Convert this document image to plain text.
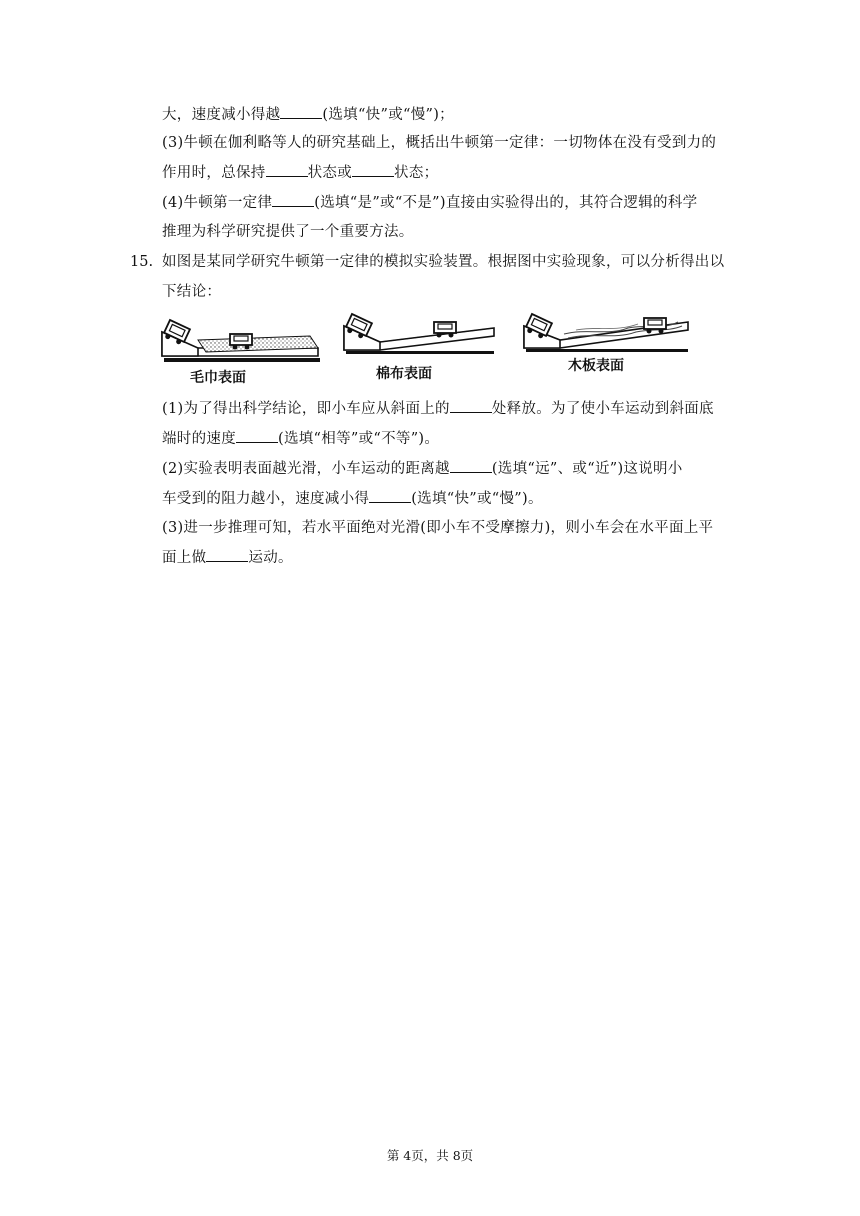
大，速度减小得越	(选填“快”或“慢”)；
(3)牛顿在伽利略等人的研究基础上，概括出牛顿第一定律：一切物体在没有受到力的
作用时，总保持	状态或	状态；
(4)牛顿第一定律	(选填“是”或“不是”)直接由实验得出的，其符合逻辑的科学
推理为科学研究提供了一个重要方法。
15. 如图是某同学研究牛顿第一定律的模拟实验装置。根据图中实验现象，可以分析得出以
下结论：
毛巾表面	棉布表面	木板表面
(1)为了得出科学结论，即小车应从斜面上的	处释放。为了使小车运动到斜面底
端时的速度	(选填“相等”或“不等”)。
(2)实验表明表面越光滑，小车运动的距离越	(选填“远”、或“近”)这说明小
车受到的阻力越小，速度减小得	(选填“快”或“慢”)。
(3)进一步推理可知，若水平面绝对光滑(即小车不受摩擦力)，则小车会在水平面上平
面上做	运动。
第 4页，共 8页
